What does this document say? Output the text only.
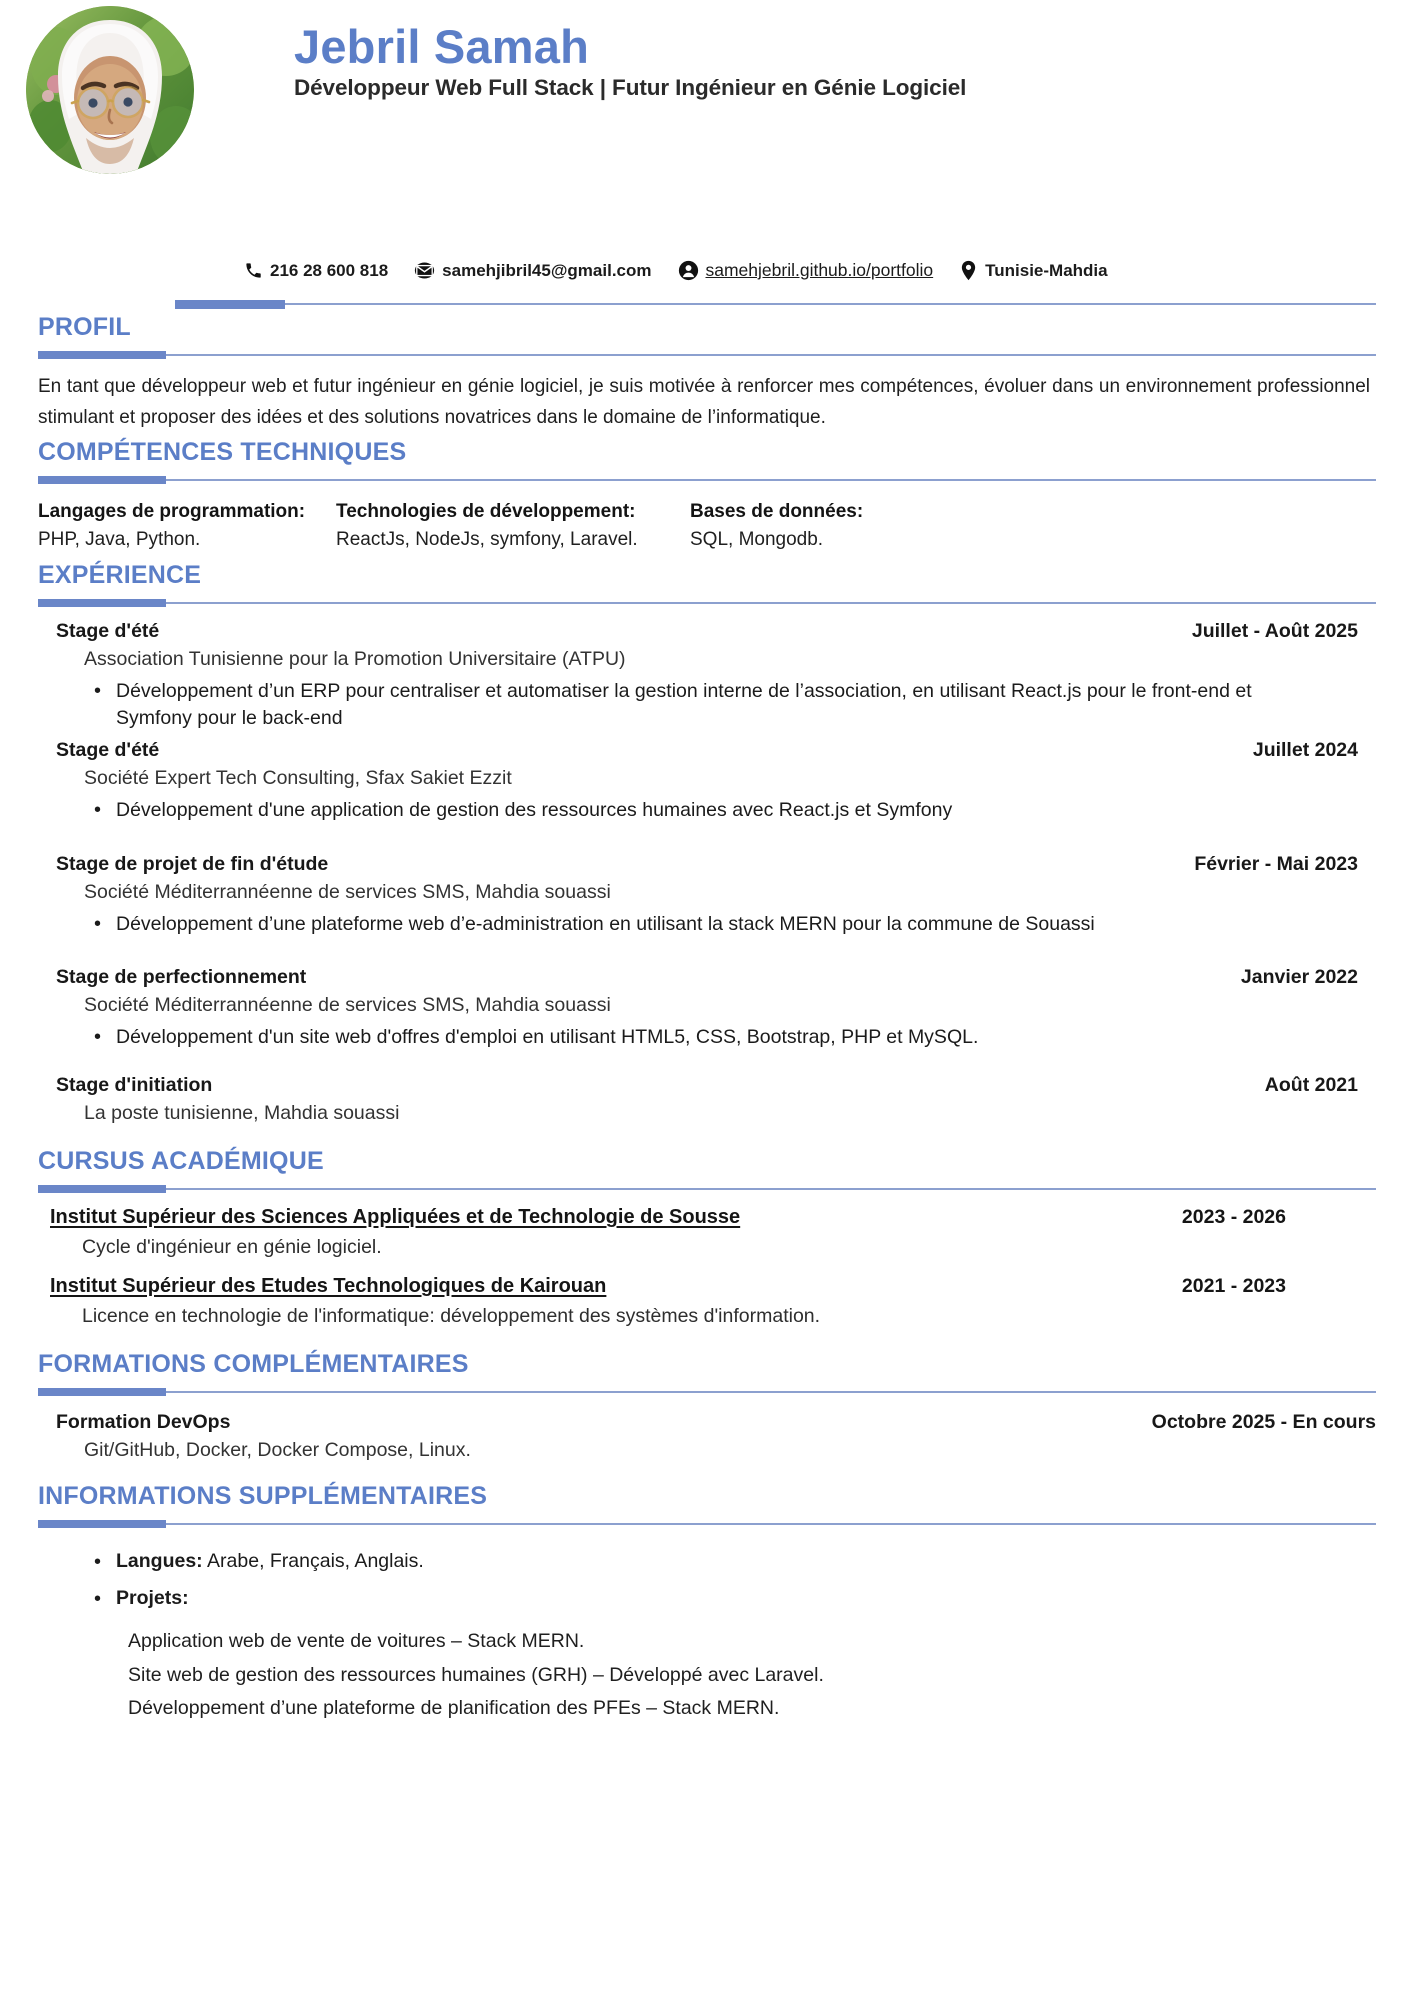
Jebril Samah
Développeur Web Full Stack | Futur Ingénieur en Génie Logiciel
216 28 600 818	samehjibril45@gmail.com	samehjebril.github.io/portfolio	Tunisie-Mahdia
PROFIL

En tant que développeur web et futur ingénieur en génie logiciel, je suis motivée à renforcer mes compétences, évoluer dans un environnement professionnel stimulant et proposer des idées et des solutions novatrices dans le domaine de l’informatique.

COMPÉTENCES TECHNIQUES
Langages de programmation:
PHP, Java, Python.
Technologies de développement:
ReactJs, NodeJs, symfony, Laravel.
Bases de données:
SQL, Mongodb.
EXPÉRIENCE
Stage d'été	Juillet - Août 2025
Association Tunisienne pour la Promotion Universitaire (ATPU)
• Développement d’un ERP pour centraliser et automatiser la gestion interne de l’association, en utilisant React.js pour le front-end et Symfony pour le back-end
Stage d'été	Juillet 2024
Société Expert Tech Consulting, Sfax Sakiet Ezzit
• Développement d'une application de gestion des ressources humaines avec React.js et Symfony
Stage de projet de fin d'étude	Février - Mai 2023
Société Méditerrannéenne de services SMS, Mahdia souassi
• Développement d’une plateforme web d’e-administration en utilisant la stack MERN pour la commune de Souassi
Stage de perfectionnement	Janvier 2022
Société Méditerrannéenne de services SMS, Mahdia souassi
• Développement d'un site web d'offres d'emploi en utilisant HTML5, CSS, Bootstrap, PHP et MySQL.
Stage d'initiation	Août 2021
La poste tunisienne, Mahdia souassi
CURSUS ACADÉMIQUE
Institut Supérieur des Sciences Appliquées et de Technologie de Sousse	2023 - 2026
Cycle d'ingénieur en génie logiciel.
Institut Supérieur des Etudes Technologiques de Kairouan	2021 - 2023
Licence en technologie de l'informatique: développement des systèmes d'information.
FORMATIONS COMPLÉMENTAIRES
Formation DevOps	Octobre 2025 - En cours
Git/GitHub, Docker, Docker Compose, Linux.
INFORMATIONS SUPPLÉMENTAIRES
• Langues: Arabe, Français, Anglais.
• Projets:
Application web de vente de voitures – Stack MERN.
Site web de gestion des ressources humaines (GRH) – Développé avec Laravel.
Développement d’une plateforme de planification des PFEs – Stack MERN.
